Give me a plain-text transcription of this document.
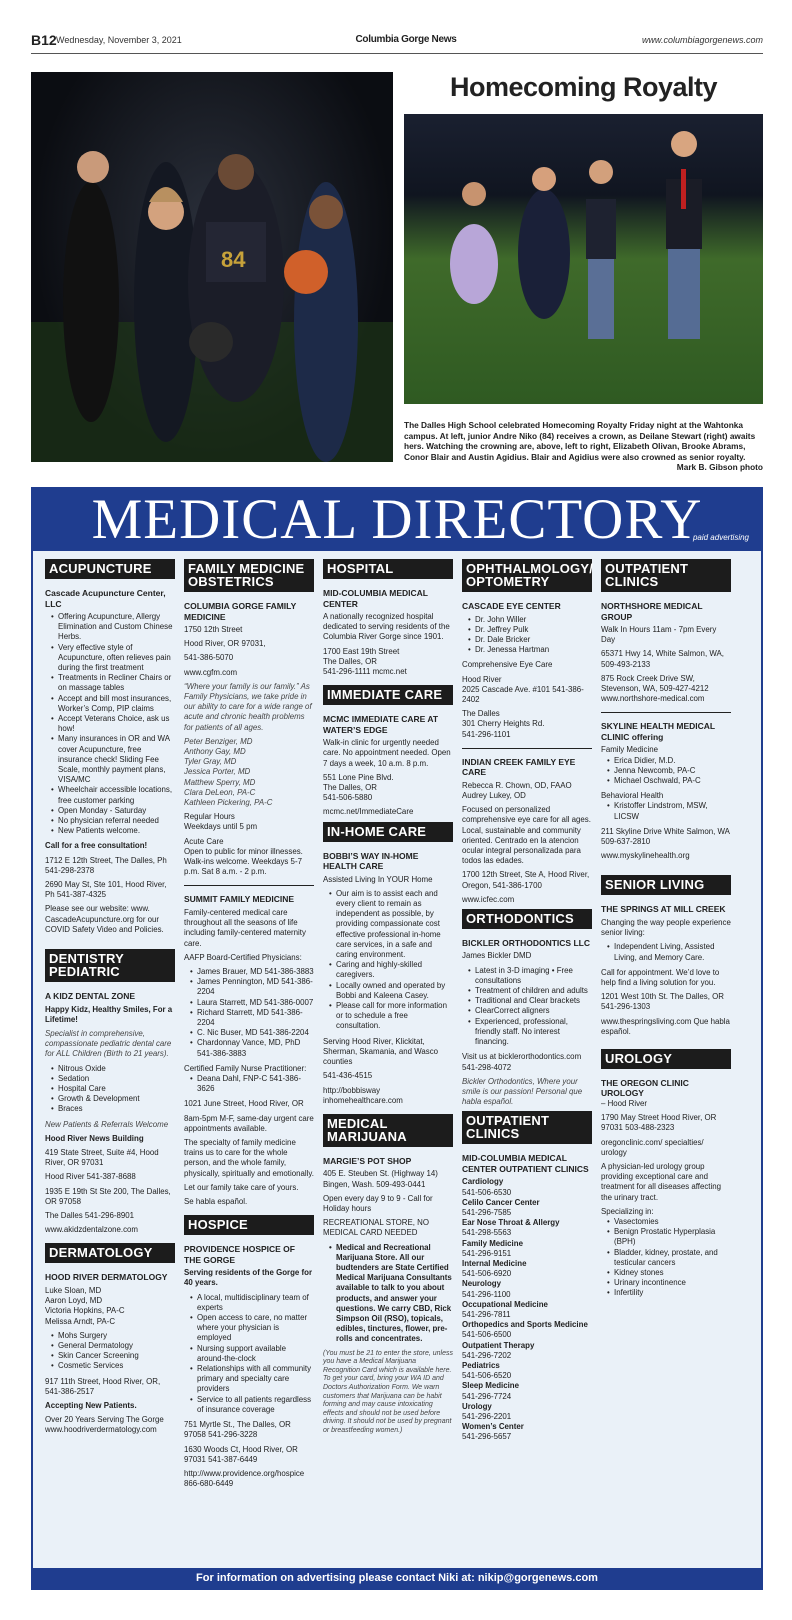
B12 Wednesday, November 3, 2021	Columbia Gorge News	www.columbiagorgenews.com
84
Homecoming Royalty
The Dalles High School celebrated Homecoming Royalty Friday night at the Wahtonka campus. At left, junior Andre Niko (84) receives a crown, as Deilane Stewart (right) awaits hers. Watching the crowning are, above, left to right, Elizabeth Olivan, Brooke Abrams, Conor Blair and Austin Agidius. Blair and Agidius were also crowned as senior royalty.
Mark B. Gibson photo
MEDICAL DIRECTORY
paid advertising
ACUPUNCTURE
Cascade Acupuncture Center, LLC
• Offering Acupuncture, Allergy Elimination and Custom Chinese Herbs.
• Very effective style of Acupuncture, often relieves pain during the first treatment
• Treatments in Recliner Chairs or on massage tables
• Accept and bill most insurances, Worker’s Comp, PIP claims
• Accept Veterans Choice, ask us how!
• Many insurances in OR and WA cover Acupuncture, free insurance check! Sliding Fee Scale, monthly payment plans, VISA/MC
• Wheelchair accessible locations, free customer parking
• Open Monday - Saturday
• No physician referral needed
• New Patients welcome.
Call for a free consultation!
1712 E 12th Street, The Dalles, Ph 541-298-2378
2690 May St, Ste 101, Hood River, Ph 541-387-4325
Please see our website: www. CascadeAcupuncture.org for our COVID Safety Video and Policies.
DENTISTRY PEDIATRIC
A KIDZ DENTAL ZONE
Happy Kidz, Healthy Smiles, For a Lifetime!
Specialist in comprehensive, compassionate pediatric dental care for ALL Children (Birth to 21 years).
• Nitrous Oxide
• Sedation
• Hospital Care
• Growth & Development
• Braces
New Patients & Referrals Welcome
Hood River News Building
419 State Street, Suite #4, Hood River, OR 97031
Hood River 541-387-8688
1935 E 19th St Ste 200, The Dalles, OR 97058
The Dalles 541-296-8901
www.akidzdentalzone.com
DERMATOLOGY
HOOD RIVER DERMATOLOGY
Luke Sloan, MD
Aaron Loyd, MD
Victoria Hopkins, PA-C
Melissa Arndt, PA-C
• Mohs Surgery
• General Dermatology
• Skin Cancer Screening
• Cosmetic Services
917 11th Street, Hood River, OR, 541-386-2517
Accepting New Patients.
Over 20 Years Serving The Gorge
www.hoodriverdermatology.com
FAMILY MEDICINE OBSTETRICS
COLUMBIA GORGE FAMILY MEDICINE
1750 12th Street
Hood River, OR 97031,
541-386-5070
www.cgfm.com
“Where your family is our family.” As Family Physicians, we take pride in our ability to care for a wide range of acute and chronic health problems for patients of all ages.
Peter Benziger, MD
Anthony Gay, MD
Tyler Gray, MD
Jessica Porter, MD
Matthew Sperry, MD
Clara DeLeon, PA-C
Kathleen Pickering, PA-C
Regular Hours
Weekdays until 5 pm
Acute Care
Open to public for minor illnesses. Walk-ins welcome. Weekdays 5-7 p.m. Sat 8 a.m. - 2 p.m.
SUMMIT FAMILY MEDICINE
Family-centered medical care throughout all the seasons of life including family-centered maternity care.
AAFP Board-Certified Physicians:
• James Brauer, MD 541-386-3883
• James Pennington, MD 541-386-2204
• Laura Starrett, MD 541-386-0007
• Richard Starrett, MD 541-386-2204
• C. Nic Buser, MD 541-386-2204
• Chardonnay Vance, MD, PhD 541-386-3883
Certified Family Nurse Practitioner:
• Deana Dahl, FNP-C 541-386-3626
1021 June Street, Hood River, OR
8am-5pm M-F, same-day urgent care appointments available.
The specialty of family medicine trains us to care for the whole person, and the whole family, physically, spiritually and emotionally.
Let our family take care of yours.
Se habla español.
HOSPICE
PROVIDENCE HOSPICE OF THE GORGE
Serving residents of the Gorge for 40 years.
• A local, multidisciplinary team of experts
• Open access to care, no matter where your physician is employed
• Nursing support available around-the-clock
• Relationships with all community primary and specialty care providers
• Service to all patients regardless of insurance coverage
751 Myrtle St., The Dalles, OR 97058 541-296-3228
1630 Woods Ct, Hood River, OR 97031 541-387-6449
http://www.providence.org/hospice 866-680-6449
HOSPITAL
MID-COLUMBIA MEDICAL CENTER
A nationally recognized hospital dedicated to serving residents of the Columbia River Gorge since 1901.
1700 East 19th Street
The Dalles, OR
541-296-1111 mcmc.net
IMMEDIATE CARE
MCMC IMMEDIATE CARE AT WATER’S EDGE
Walk-in clinic for urgently needed care. No appointment needed. Open 7 days a week, 10 a.m. 8 p.m.
551 Lone Pine Blvd.
The Dalles, OR
541-506-5880
mcmc.net/ImmediateCare
IN-HOME CARE
BOBBI’S WAY IN-HOME HEALTH CARE
Assisted Living In YOUR Home
• Our aim is to assist each and every client to remain as independent as possible, by providing compassionate cost effective professional in-home care services, in a safe and caring environment.
• Caring and highly-skilled caregivers.
• Locally owned and operated by Bobbi and Kaleena Casey.
• Please call for more information or to schedule a free consultation.
Serving Hood River, Klickitat, Sherman, Skamania, and Wasco counties
541-436-4515
http://bobbisway inhomehealthcare.com
MEDICAL MARIJUANA
MARGIE’S POT SHOP
405 E. Steuben St. (Highway 14) Bingen, Wash. 509-493-0441
Open every day 9 to 9 - Call for Holiday hours
RECREATIONAL STORE, NO MEDICAL CARD NEEDED
• Medical and Recreational Marijuana Store. All our budtenders are State Certified Medical Marijuana Consultants available to talk to you about products, and answer your questions. We carry CBD, Rick Simpson Oil (RSO), topicals, edibles, tinctures, flower, pre-rolls and concentrates.
(You must be 21 to enter the store, unless you have a Medical Marijuana Recognition Card which is available here. To get your card, bring your WA ID and Doctors Authorization Form. We warn customers that Marijuana can be habit forming and may cause intoxicating effects and should not be used before driving. It should not be used by pregnant or breastfeeding women.)
OPHTHALMOLOGY/ OPTOMETRY
CASCADE EYE CENTER
• Dr. John Willer
• Dr. Jeffrey Pulk
• Dr. Dale Bricker
• Dr. Jenessa Hartman
Comprehensive Eye Care
Hood River
2025 Cascade Ave. #101 541-386-2402
The Dalles
301 Cherry Heights Rd.
541-296-1101
INDIAN CREEK FAMILY EYE CARE
Rebecca R. Chown, OD, FAAO
Audrey Lukey, OD
Focused on personalized comprehensive eye care for all ages. Local, sustainable and community oriented. Centrado en la atencion ocular integral personalizada para todos las edades.
1700 12th Street, Ste A, Hood River, Oregon, 541-386-1700
www.icfec.com
ORTHODONTICS
BICKLER ORTHODONTICS LLC
James Bickler DMD
• Latest in 3-D imaging • Free consultations
• Treatment of children and adults
• Traditional and Clear brackets
• ClearCorrect aligners
• Experienced, professional, friendly staff. No interest financing.
Visit us at bicklerorthodontics.com 541-298-4072
Bickler Orthodontics, Where your smile is our passion! Personal que habla español.
OUTPATIENT CLINICS
MID-COLUMBIA MEDICAL CENTER OUTPATIENT CLINICS
Cardiology
541-506-6530
Celilo Cancer Center
541-296-7585
Ear Nose Throat & Allergy
541-298-5563
Family Medicine
541-296-9151
Internal Medicine
541-506-6920
Neurology
541-296-1100
Occupational Medicine
541-296-7811
Orthopedics and Sports Medicine
541-506-6500
Outpatient Therapy
541-296-7202
Pediatrics
541-506-6520
Sleep Medicine
541-296-7724
Urology
541-296-2201
Women’s Center
541-296-5657
OUTPATIENT CLINICS
NORTHSHORE MEDICAL GROUP
Walk In Hours 11am - 7pm Every Day
65371 Hwy 14, White Salmon, WA, 509-493-2133
875 Rock Creek Drive SW, Stevenson, WA, 509-427-4212 www.northshore-medical.com
SKYLINE HEALTH MEDICAL CLINIC offering
Family Medicine
• Erica Didier, M.D.
• Jenna Newcomb, PA-C
• Michael Oschwald, PA-C
Behavioral Health
• Kristoffer Lindstrom, MSW, LICSW
211 Skyline Drive White Salmon, WA 509-637-2810
www.myskylinehealth.org
SENIOR LIVING
THE SPRINGS AT MILL CREEK
Changing the way people experience senior living:
• Independent Living, Assisted Living, and Memory Care.
Call for appointment. We’d love to help find a living solution for you.
1201 West 10th St. The Dalles, OR 541-296-1303
www.thespringsliving.com Que habla español.
UROLOGY
THE OREGON CLINIC UROLOGY
– Hood River
1790 May Street Hood River, OR 97031 503-488-2323
oregonclinic.com/ specialties/ urology
A physician-led urology group providing exceptional care and treatment for all diseases affecting the urinary tract.
Specializing in:
• Vasectomies
• Benign Prostatic Hyperplasia (BPH)
• Bladder, kidney, prostate, and testicular cancers
• Kidney stones
• Urinary incontinence
• Infertility
For information on advertising please contact Niki at: nikip@gorgenews.com
